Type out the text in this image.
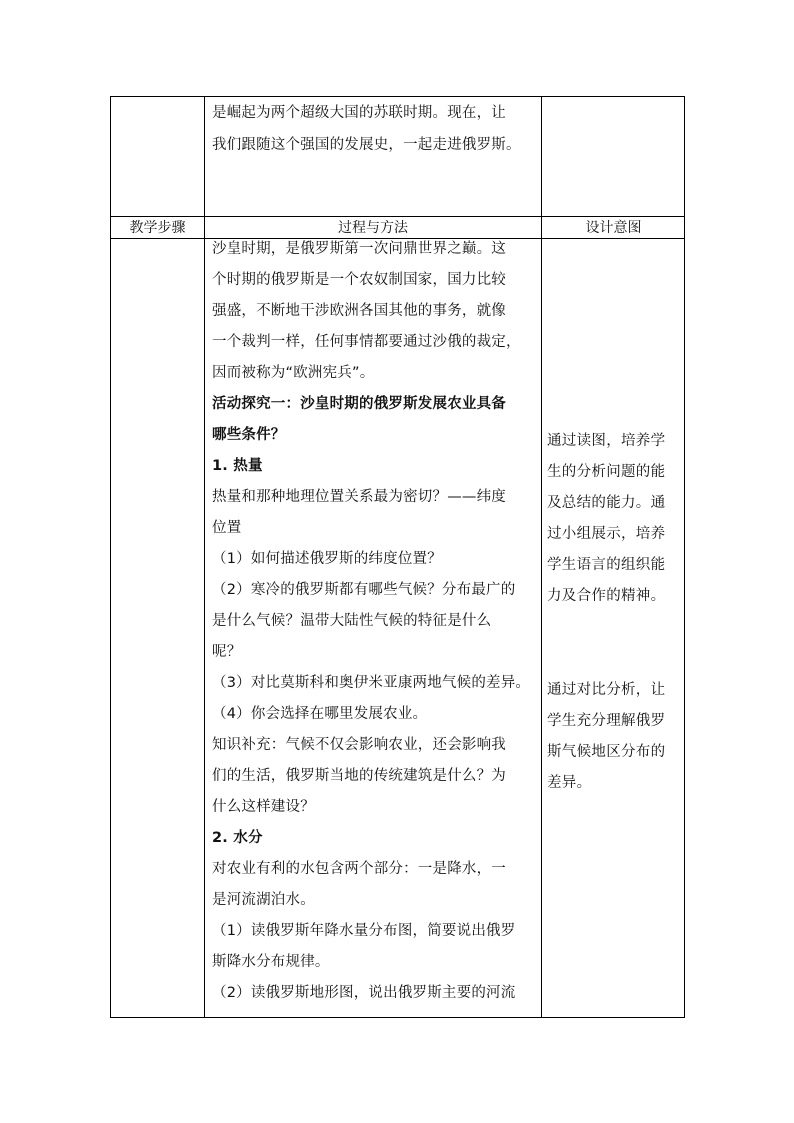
是崛起为两个超级大国的苏联时期。现在，让
我们跟随这个强国的发展史，一起走进俄罗斯。
教学步骤	过程与方法	设计意图
沙皇时期，是俄罗斯第一次问鼎世界之巅。这
个时期的俄罗斯是一个农奴制国家，国力比较
强盛，不断地干涉欧洲各国其他的事务，就像
一个裁判一样，任何事情都要通过沙俄的裁定，
因而被称为“欧洲宪兵”。
活动探究一：沙皇时期的俄罗斯发展农业具备
哪些条件？
1. 热量
热量和那种地理位置关系最为密切？——纬度
位置
（1）如何描述俄罗斯的纬度位置？
（2）寒冷的俄罗斯都有哪些气候？分布最广的
是什么气候？温带大陆性气候的特征是什么
呢？
（3）对比莫斯科和奥伊米亚康两地气候的差异。
（4）你会选择在哪里发展农业。
知识补充：气候不仅会影响农业，还会影响我
们的生活，俄罗斯当地的传统建筑是什么？为
什么这样建设？
2. 水分
对农业有利的水包含两个部分：一是降水，一
是河流湖泊水。
（1）读俄罗斯年降水量分布图，简要说出俄罗
斯降水分布规律。
（2）读俄罗斯地形图，说出俄罗斯主要的河流
通过读图，培养学
生的分析问题的能
及总结的能力。通
过小组展示，培养
学生语言的组织能
力及合作的精神。
通过对比分析，让
学生充分理解俄罗
斯气候地区分布的
差异。
